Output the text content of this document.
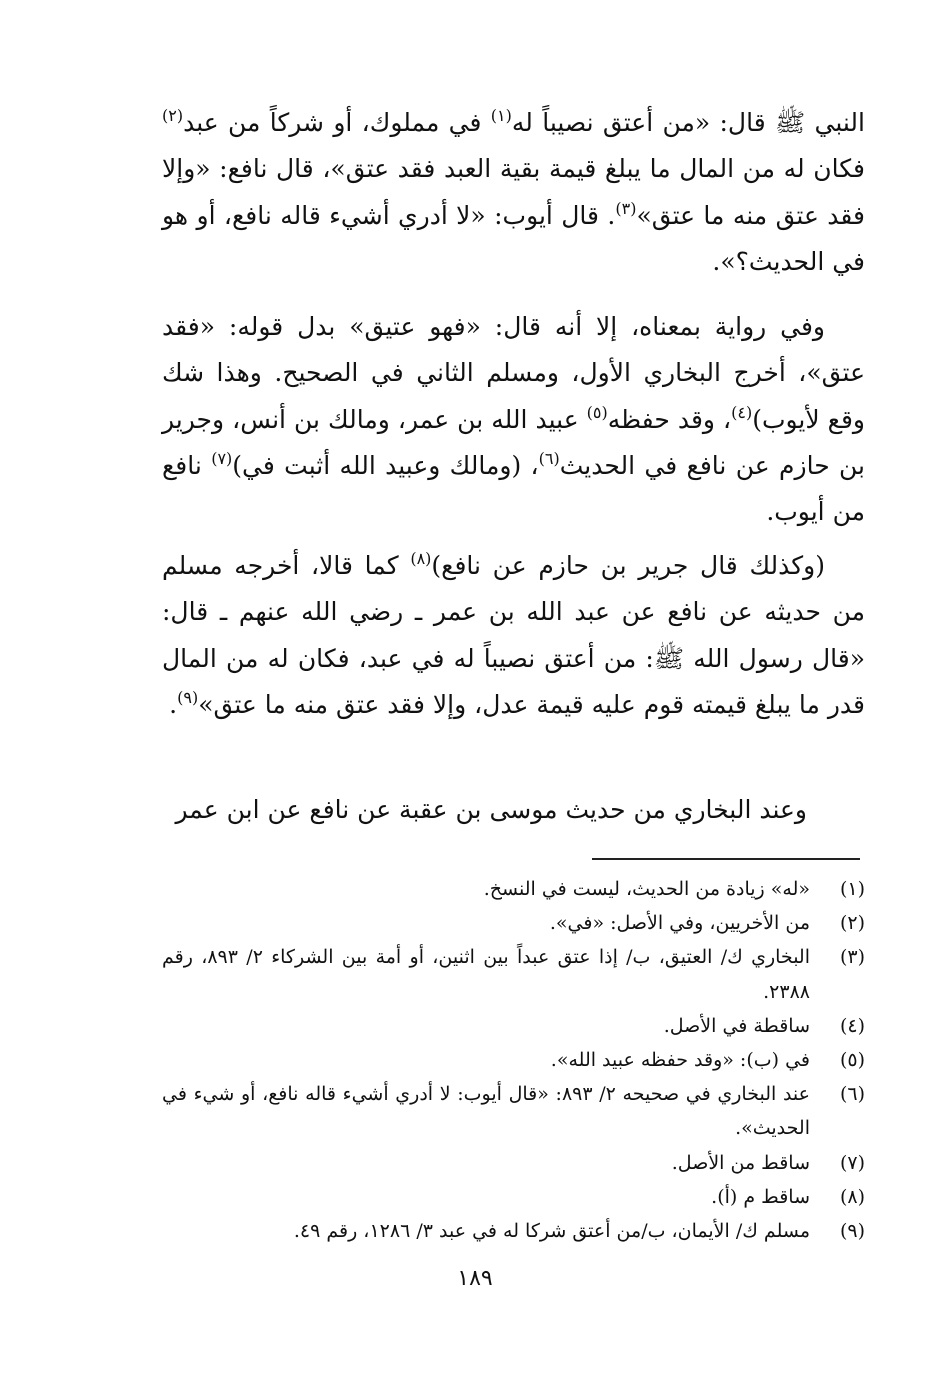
النبي ﷺ قال: «من أعتق نصيباً له$^{(١)}$ في مملوك، أو شركاً من عبد$^{(٢)}$ فكان له من المال ما يبلغ قيمة بقية العبد فقد عتق»، قال نافع: «وإلا فقد عتق منه ما عتق»$^{(٣)}$. قال أيوب: «لا أدري أشيء قاله نافع، أو هو في الحديث؟».

وفي رواية بمعناه، إلا أنه قال: «فهو عتيق» بدل قوله: «فقد عتق»، أخرج البخاري الأول، ومسلم الثاني في الصحيح. وهذا شك وقع لأيوب)$^{(٤)}$، وقد حفظه$^{(٥)}$ عبيد الله بن عمر، ومالك بن أنس، وجرير بن حازم عن نافع في الحديث$^{(٦)}$، (ومالك وعبيد الله أثبت في)$^{(٧)}$ نافع من أيوب.

(وكذلك قال جرير بن حازم عن نافع)$^{(٨)}$ كما قالا، أخرجه مسلم من حديثه عن نافع عن عبد الله بن عمر ـ رضي الله عنهم ـ قال: «قال رسول الله ﷺ: من أعتق نصيباً له في عبد، فكان له من المال قدر ما يبلغ قيمته قوم عليه قيمة عدل، وإلا فقد عتق منه ما عتق»$^{(٩)}$.

وعند البخاري من حديث موسى بن عقبة عن نافع عن ابن عمر

(١)
«له» زيادة من الحديث، ليست في النسخ.
(٢)
من الأخريين، وفي الأصل: «في».
(٣)
البخاري ك/ العتيق، ب/ إذا عتق عبداً بين اثنين، أو أمة بين الشركاء ٢/ ٨٩٣، رقم ٢٣٨٨.
(٤)
ساقطة في الأصل.
(٥)
في (ب): «وقد حفظه عبيد الله».
(٦)
عند البخاري في صحيحه ٢/ ٨٩٣: «قال أيوب: لا أدري أشيء قاله نافع، أو شيء في الحديث».
(٧)
ساقط من الأصل.
(٨)
ساقط م (أ).
(٩)
مسلم ك/ الأيمان، ب/من أعتق شركا له في عبد ٣/ ١٢٨٦، رقم ٤٩.
١٨٩
